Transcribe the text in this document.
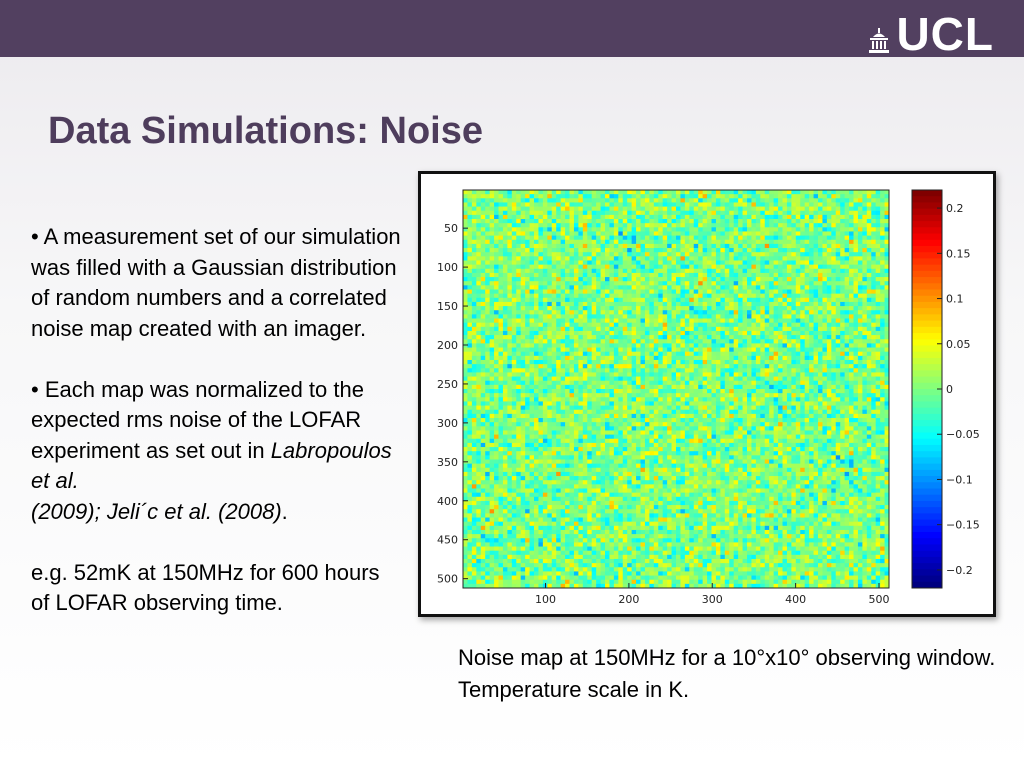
UCL
Data Simulations: Noise

• A measurement set of our simulation was filled with a Gaussian distribution of random numbers and a correlated noise map created with an imager.

• Each map was normalized to the expected rms noise of the LOFAR experiment as set out in Labropoulos et al.
(2009); Jeli´c et al. (2008).

e.g. 52mK at 150MHz for 600 hours of LOFAR observing time.	100	200	300	400	500
50
100
150
200
250
300
350
400
450
500
0.2
0.15
0.1
0.05
0
−0.05
−0.1
−0.15
−0.2
Noise map at 150MHz for a 10°x10° observing window. Temperature scale in K.
